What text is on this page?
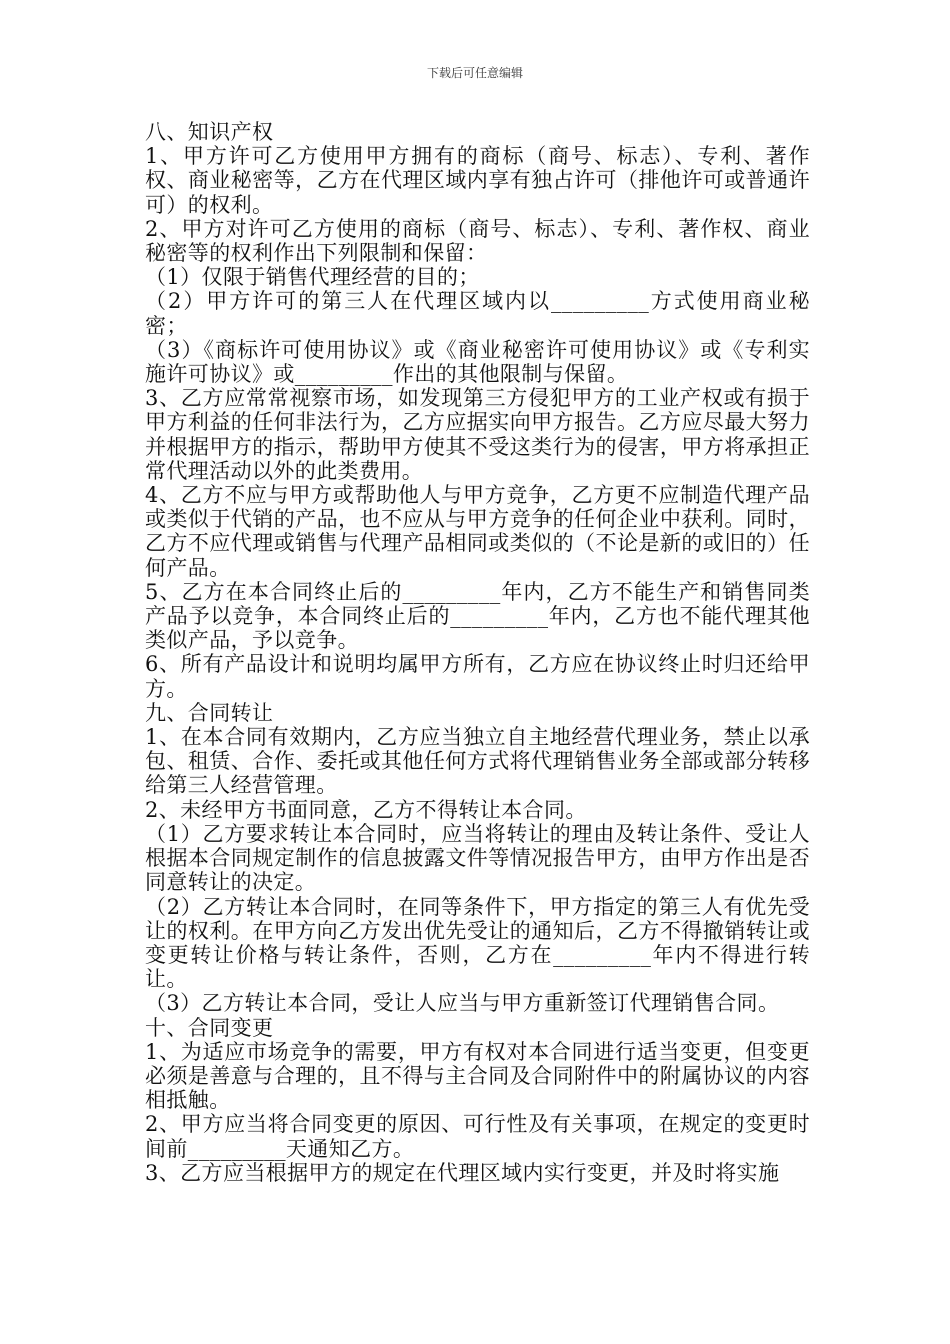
下载后可任意编辑

八、知识产权

1、甲方许可乙方使用甲方拥有的商标（商号、标志）、专利、著作权、商业秘密等，乙方在代理区域内享有独占许可（排他许可或普通许可）的权利。

2、甲方对许可乙方使用的商标（商号、标志）、专利、著作权、商业秘密等的权利作出下列限制和保留：

（1）仅限于销售代理经营的目的；

（2）甲方许可的第三人在代理区域内以_________方式使用商业秘密；

（3）《商标许可使用协议》或《商业秘密许可使用协议》或《专利实施许可协议》或_________作出的其他限制与保留。

3、乙方应常常视察市场，如发现第三方侵犯甲方的工业产权或有损于甲方利益的任何非法行为，乙方应据实向甲方报告。乙方应尽最大努力并根据甲方的指示，帮助甲方使其不受这类行为的侵害，甲方将承担正常代理活动以外的此类费用。

4、乙方不应与甲方或帮助他人与甲方竞争，乙方更不应制造代理产品或类似于代销的产品，也不应从与甲方竞争的任何企业中获利。同时，乙方不应代理或销售与代理产品相同或类似的（不论是新的或旧的）任何产品。

5、乙方在本合同终止后的_________年内，乙方不能生产和销售同类产品予以竞争，本合同终止后的_________年内，乙方也不能代理其他类似产品，予以竞争。

6、所有产品设计和说明均属甲方所有，乙方应在协议终止时归还给甲方。

九、合同转让

1、在本合同有效期内，乙方应当独立自主地经营代理业务，禁止以承包、租赁、合作、委托或其他任何方式将代理销售业务全部或部分转移给第三人经营管理。

2、未经甲方书面同意，乙方不得转让本合同。

（1）乙方要求转让本合同时，应当将转让的理由及转让条件、受让人根据本合同规定制作的信息披露文件等情况报告甲方，由甲方作出是否同意转让的决定。

（2）乙方转让本合同时，在同等条件下，甲方指定的第三人有优先受让的权利。在甲方向乙方发出优先受让的通知后，乙方不得撤销转让或变更转让价格与转让条件，否则，乙方在_________年内不得进行转让。

（3）乙方转让本合同，受让人应当与甲方重新签订代理销售合同。

十、合同变更

1、为适应市场竞争的需要，甲方有权对本合同进行适当变更，但变更必须是善意与合理的，且不得与主合同及合同附件中的附属协议的内容相抵触。

2、甲方应当将合同变更的原因、可行性及有关事项，在规定的变更时间前_________天通知乙方。

3、乙方应当根据甲方的规定在代理区域内实行变更，并及时将实施
